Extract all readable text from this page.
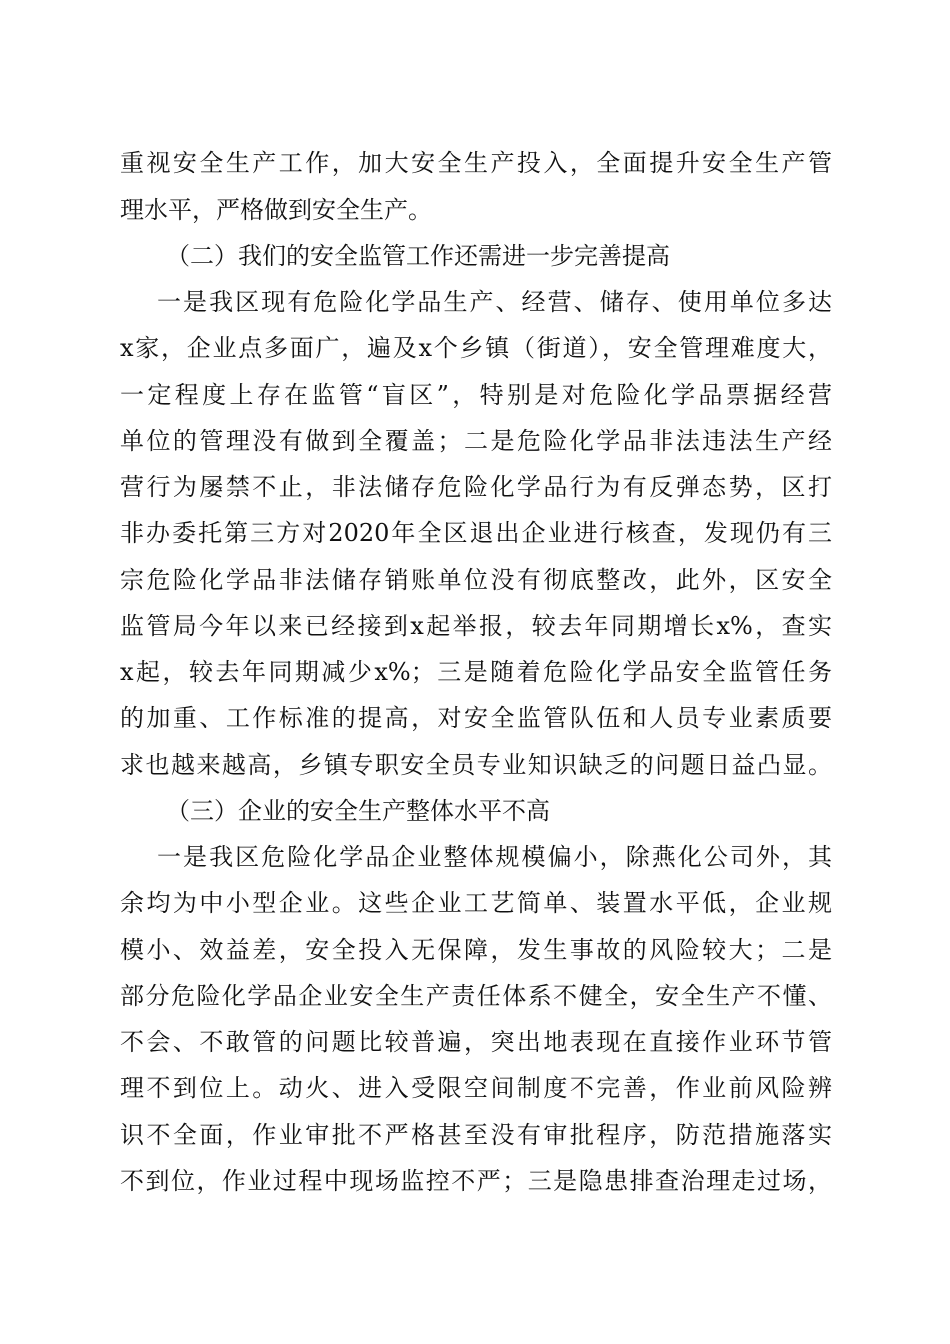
重视安全生产工作，加大安全生产投入，全面提升安全生产管
理水平，严格做到安全生产。
（二）我们的安全监管工作还需进一步完善提高
一是我区现有危险化学品生产、经营、储存、使用单位多达
x家，企业点多面广，遍及x个乡镇（街道），安全管理难度大，
一定程度上存在监管“盲区”，特别是对危险化学品票据经营
单位的管理没有做到全覆盖；二是危险化学品非法违法生产经
营行为屡禁不止，非法储存危险化学品行为有反弹态势，区打
非办委托第三方对2020年全区退出企业进行核查，发现仍有三
宗危险化学品非法储存销账单位没有彻底整改，此外，区安全
监管局今年以来已经接到x起举报，较去年同期增长x%，查实
x起，较去年同期减少x%；三是随着危险化学品安全监管任务
的加重、工作标准的提高，对安全监管队伍和人员专业素质要
求也越来越高，乡镇专职安全员专业知识缺乏的问题日益凸显。
（三）企业的安全生产整体水平不高
一是我区危险化学品企业整体规模偏小，除燕化公司外，其
余均为中小型企业。这些企业工艺简单、装置水平低，企业规
模小、效益差，安全投入无保障，发生事故的风险较大；二是
部分危险化学品企业安全生产责任体系不健全，安全生产不懂、
不会、不敢管的问题比较普遍，突出地表现在直接作业环节管
理不到位上。动火、进入受限空间制度不完善，作业前风险辨
识不全面，作业审批不严格甚至没有审批程序，防范措施落实
不到位，作业过程中现场监控不严；三是隐患排查治理走过场，
